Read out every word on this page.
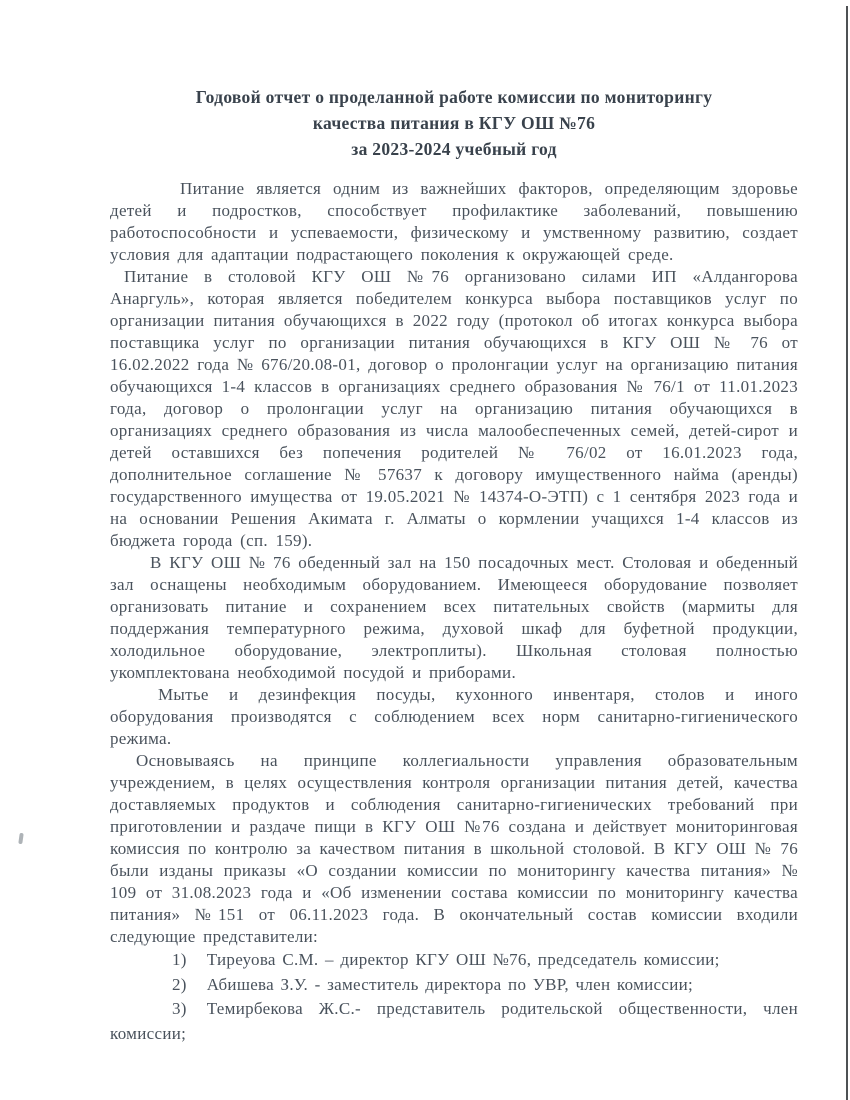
Годовой отчет о проделанной работе комиссии по мониторингу
качества питания в КГУ ОШ №76
за 2023-2024 учебный год

Питание является одним из важнейших факторов, определяющим здоровье детей и подростков, способствует профилактике заболеваний, повышению работоспособности и успеваемости, физическому и умственному развитию, создает условия для адаптации подрастающего поколения к окружающей среде.

Питание в столовой КГУ ОШ №76 организовано силами ИП «Алдангорова Анаргуль», которая является победителем конкурса выбора поставщиков услуг по организации питания обучающихся в 2022 году (протокол об итогах конкурса выбора поставщика услуг по организации питания обучающихся в КГУ ОШ № 76 от 16.02.2022 года № 676/20.08-01, договор о пролонгации услуг на организацию питания обучающихся 1-4 классов в организациях среднего образования № 76/1 от 11.01.2023 года, договор о пролонгации услуг на организацию питания обучающихся в организациях среднего образования из числа малообеспеченных семей, детей-сирот и детей оставшихся без попечения родителей № 76/02 от 16.01.2023 года, дополнительное соглашение № 57637 к договору имущественного найма (аренды) государственного имущества от 19.05.2021 № 14374-О-ЭТП) с 1 сентября 2023 года и на основании Решения Акимата г. Алматы о кормлении учащихся 1-4 классов из бюджета города (сп. 159).

В КГУ ОШ № 76 обеденный зал на 150 посадочных мест. Столовая и обеденный зал оснащены необходимым оборудованием. Имеющееся оборудование позволяет организовать питание и сохранением всех питательных свойств (мармиты для поддержания температурного режима, духовой шкаф для буфетной продукции, холодильное оборудование, электроплиты). Школьная столовая полностью укомплектована необходимой посудой и приборами.

Мытье и дезинфекция посуды, кухонного инвентаря, столов и иного оборудования производятся с соблюдением всех норм санитарно-гигиенического режима.

Основываясь на принципе коллегиальности управления образовательным учреждением, в целях осуществления контроля организации питания детей, качества доставляемых продуктов и соблюдения санитарно-гигиенических требований при приготовлении и раздаче пищи в КГУ ОШ №76 создана и действует мониторинговая комиссия по контролю за качеством питания в школьной столовой. В КГУ ОШ № 76 были изданы приказы «О создании комиссии по мониторингу качества питания» № 109 от 31.08.2023 года и «Об изменении состава комиссии по мониторингу качества питания» №151 от 06.11.2023 года. В окончательный состав комиссии входили следующие представители:

1) Тиреуова С.М. – директор КГУ ОШ №76, председатель комиссии;

2) Абишева З.У. - заместитель директора по УВР, член комиссии;

3) Темирбекова Ж.С.- представитель родительской общественности, член комиссии;
